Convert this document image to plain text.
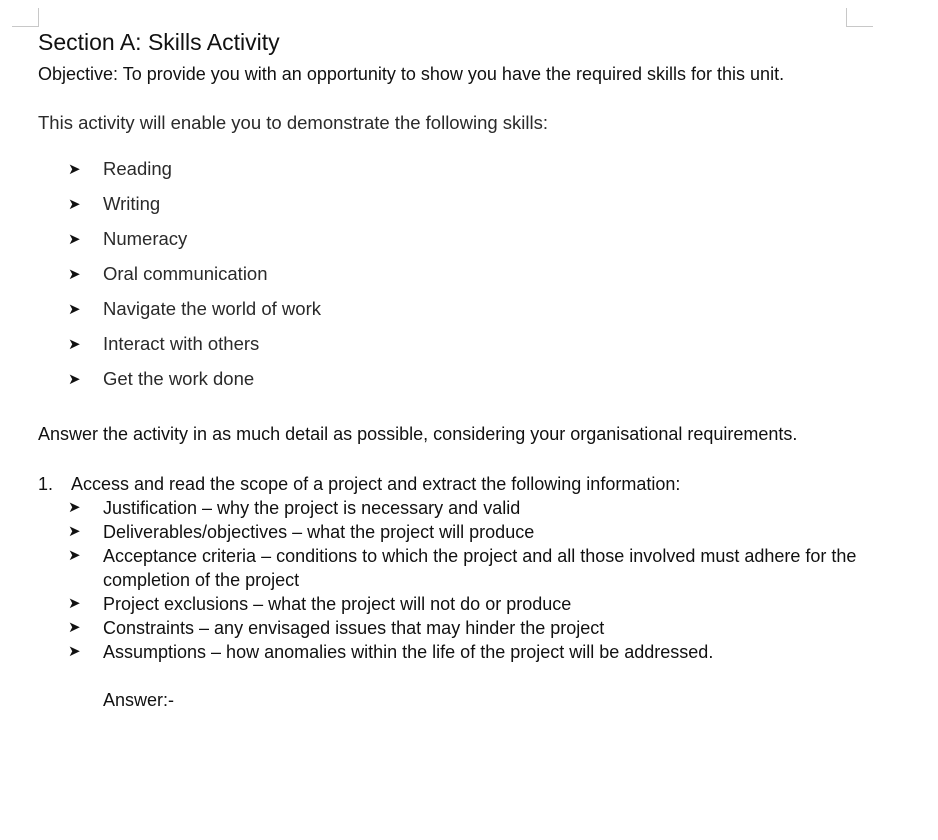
Section A: Skills Activity

Objective: To provide you with an opportunity to show you have the required skills for this unit.

This activity will enable you to demonstrate the following skills:

➤	Reading
➤	Writing
➤	Numeracy
➤	Oral communication
➤	Navigate the world of work
➤	Interact with others
➤	Get the work done

Answer the activity in as much detail as possible, considering your organisational requirements.

1. Access and read the scope of a project and extract the following information:
➤	Justification – why the project is necessary and valid
➤	Deliverables/objectives – what the project will produce
➤	Acceptance criteria – conditions to which the project and all those involved must adhere for the completion of the project
➤	Project exclusions – what the project will not do or produce
➤	Constraints – any envisaged issues that may hinder the project
➤	Assumptions – how anomalies within the life of the project will be addressed.
Answer:-
